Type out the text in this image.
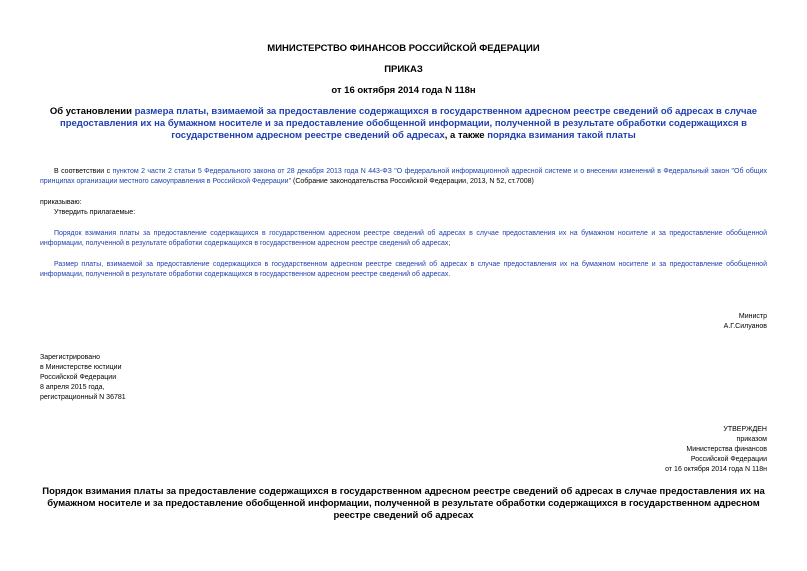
МИНИСТЕРСТВО ФИНАНСОВ РОССИЙСКОЙ ФЕДЕРАЦИИ
ПРИКАЗ
от 16 октября 2014 года N 118н
Об установлении размера платы, взимаемой за предоставление содержащихся в государственном адресном реестре сведений об адресах в случае предоставления их на бумажном носителе и за предоставление обобщенной информации, полученной в результате обработки содержащихся в государственном адресном реестре сведений об адресах, а также порядка взимания такой платы
В соответствии с пунктом 2 части 2 статьи 5 Федерального закона от 28 декабря 2013 года N 443-ФЗ "О федеральной информационной адресной системе и о внесении изменений в Федеральный закон "Об общих принципах организации местного самоуправления в Российской Федерации" (Собрание законодательства Российской Федерации, 2013, N 52, ст.7008)
приказываю:
Утвердить прилагаемые:
Порядок взимания платы за предоставление содержащихся в государственном адресном реестре сведений об адресах в случае предоставления их на бумажном носителе и за предоставление обобщенной информации, полученной в результате обработки содержащихся в государственном адресном реестре сведений об адресах;
Размер платы, взимаемой за предоставление содержащихся в государственном адресном реестре сведений об адресах в случае предоставления их на бумажном носителе и за предоставление обобщенной информации, полученной в результате обработки содержащихся в государственном адресном реестре сведений об адресах.
Министр
А.Г.Силуанов
Зарегистрировано
в Министерстве юстиции
Российской Федерации
8 апреля 2015 года,
регистрационный N 36781
УТВЕРЖДЕН
приказом
Министерства финансов
Российской Федерации
от 16 октября 2014 года N 118н
Порядок взимания платы за предоставление содержащихся в государственном адресном реестре сведений об адресах в случае предоставления их на бумажном носителе и за предоставление обобщенной информации, полученной в результате обработки содержащихся в государственном адресном реестре сведений об адресах
